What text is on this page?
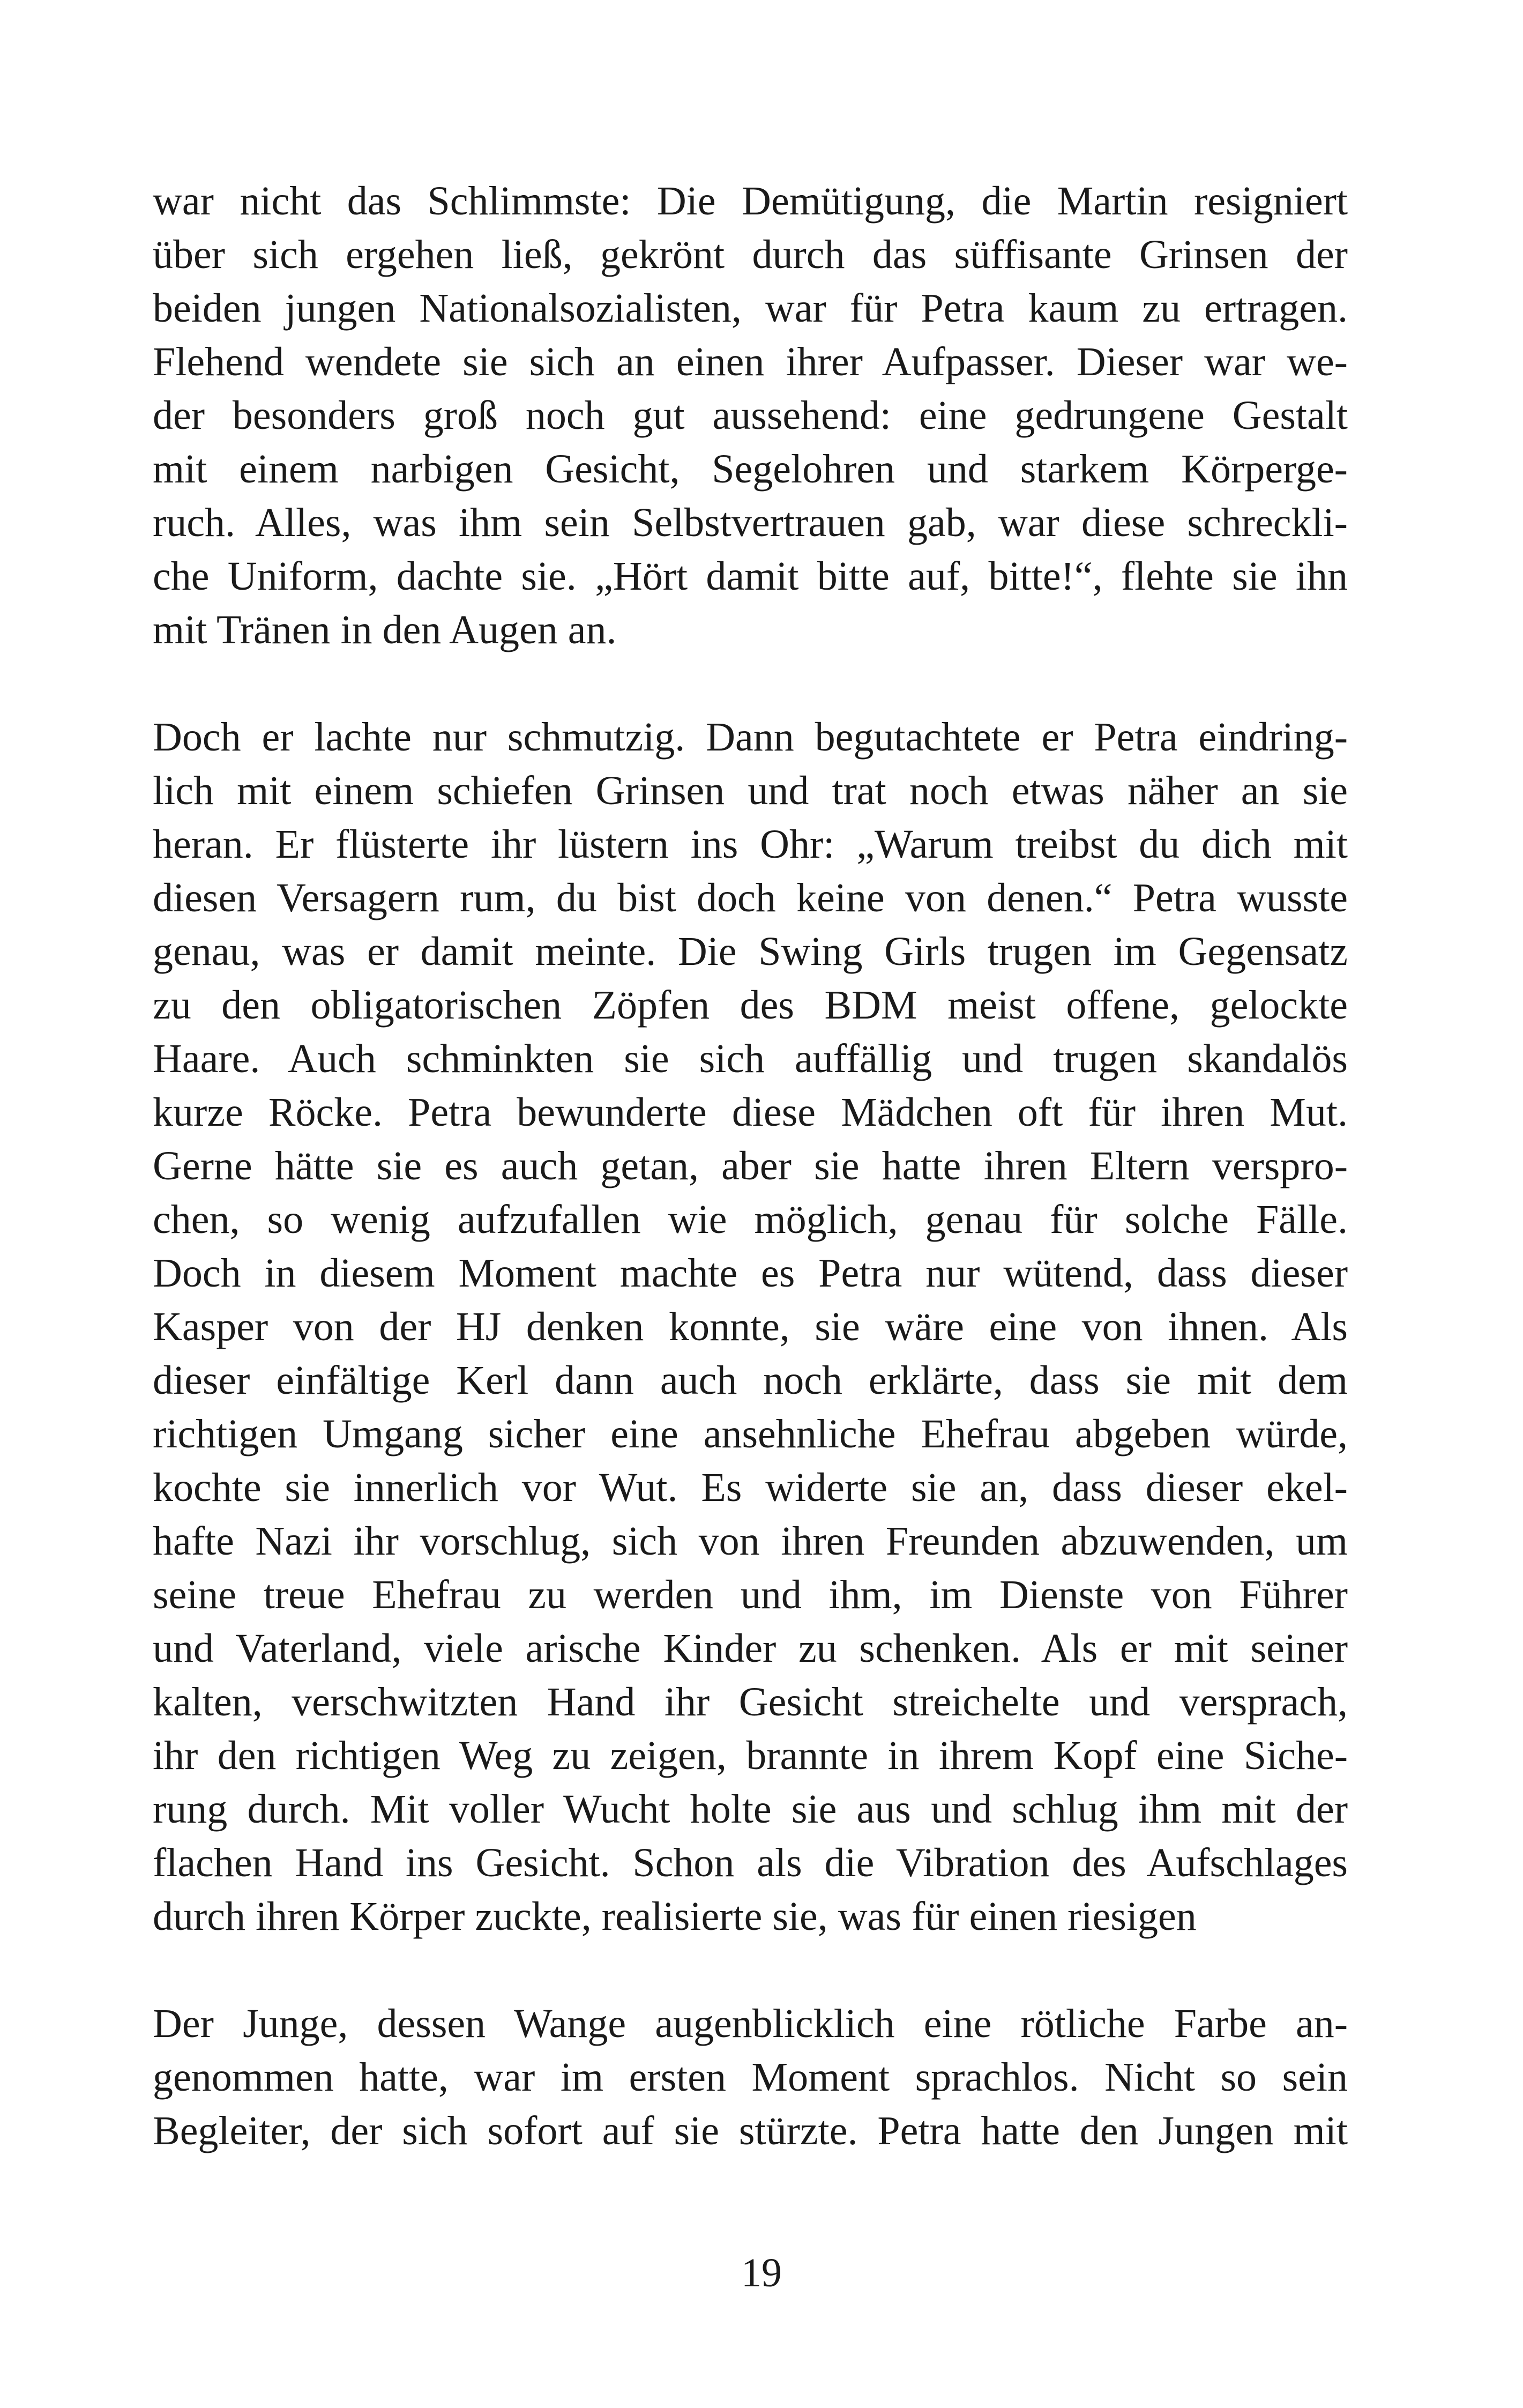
war nicht das Schlimmste: Die Demütigung, die Martin resigniert
über sich ergehen ließ, gekrönt durch das süffisante Grinsen der
beiden jungen Nationalsozialisten, war für Petra kaum zu ertragen.
Flehend wendete sie sich an einen ihrer Aufpasser. Dieser war we-
der besonders groß noch gut aussehend: eine gedrungene Gestalt
mit einem narbigen Gesicht, Segelohren und starkem Körperge-
ruch. Alles, was ihm sein Selbstvertrauen gab, war diese schreckli-
che Uniform, dachte sie. „Hört damit bitte auf, bitte!“, flehte sie ihn
mit Tränen in den Augen an.
Doch er lachte nur schmutzig. Dann begutachtete er Petra eindring-
lich mit einem schiefen Grinsen und trat noch etwas näher an sie
heran. Er flüsterte ihr lüstern ins Ohr: „Warum treibst du dich mit
diesen Versagern rum, du bist doch keine von denen.“ Petra wusste
genau, was er damit meinte. Die Swing Girls trugen im Gegensatz
zu den obligatorischen Zöpfen des BDM meist offene, gelockte
Haare. Auch schminkten sie sich auffällig und trugen skandalös
kurze Röcke. Petra bewunderte diese Mädchen oft für ihren Mut.
Gerne hätte sie es auch getan, aber sie hatte ihren Eltern verspro-
chen, so wenig aufzufallen wie möglich, genau für solche Fälle.
Doch in diesem Moment machte es Petra nur wütend, dass dieser
Kasper von der HJ denken konnte, sie wäre eine von ihnen. Als
dieser einfältige Kerl dann auch noch erklärte, dass sie mit dem
richtigen Umgang sicher eine ansehnliche Ehefrau abgeben würde,
kochte sie innerlich vor Wut. Es widerte sie an, dass dieser ekel-
hafte Nazi ihr vorschlug, sich von ihren Freunden abzuwenden, um
seine treue Ehefrau zu werden und ihm, im Dienste von Führer
und Vaterland, viele arische Kinder zu schenken. Als er mit seiner
kalten, verschwitzten Hand ihr Gesicht streichelte und versprach,
ihr den richtigen Weg zu zeigen, brannte in ihrem Kopf eine Siche-
rung durch. Mit voller Wucht holte sie aus und schlug ihm mit der
flachen Hand ins Gesicht. Schon als die Vibration des Aufschlages
durch ihren Körper zuckte, realisierte sie, was für einen riesigen
Der Junge, dessen Wange augenblicklich eine rötliche Farbe an-
genommen hatte, war im ersten Moment sprachlos. Nicht so sein
Begleiter, der sich sofort auf sie stürzte. Petra hatte den Jungen mit
19
